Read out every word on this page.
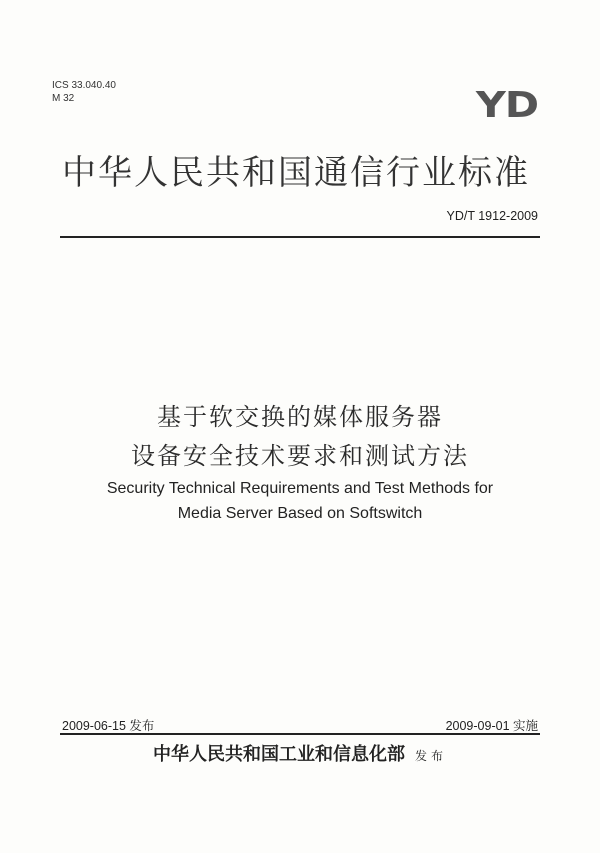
ICS 33.040.40
M 32	YD
中华人民共和国通信行业标准
YD/T 1912-2009
基于软交换的媒体服务器
设备安全技术要求和测试方法
Security Technical Requirements and Test Methods for
Media Server Based on Softswitch
2009-06-15 发布	2009-09-01 实施
中华人民共和国工业和信息化部 发布
